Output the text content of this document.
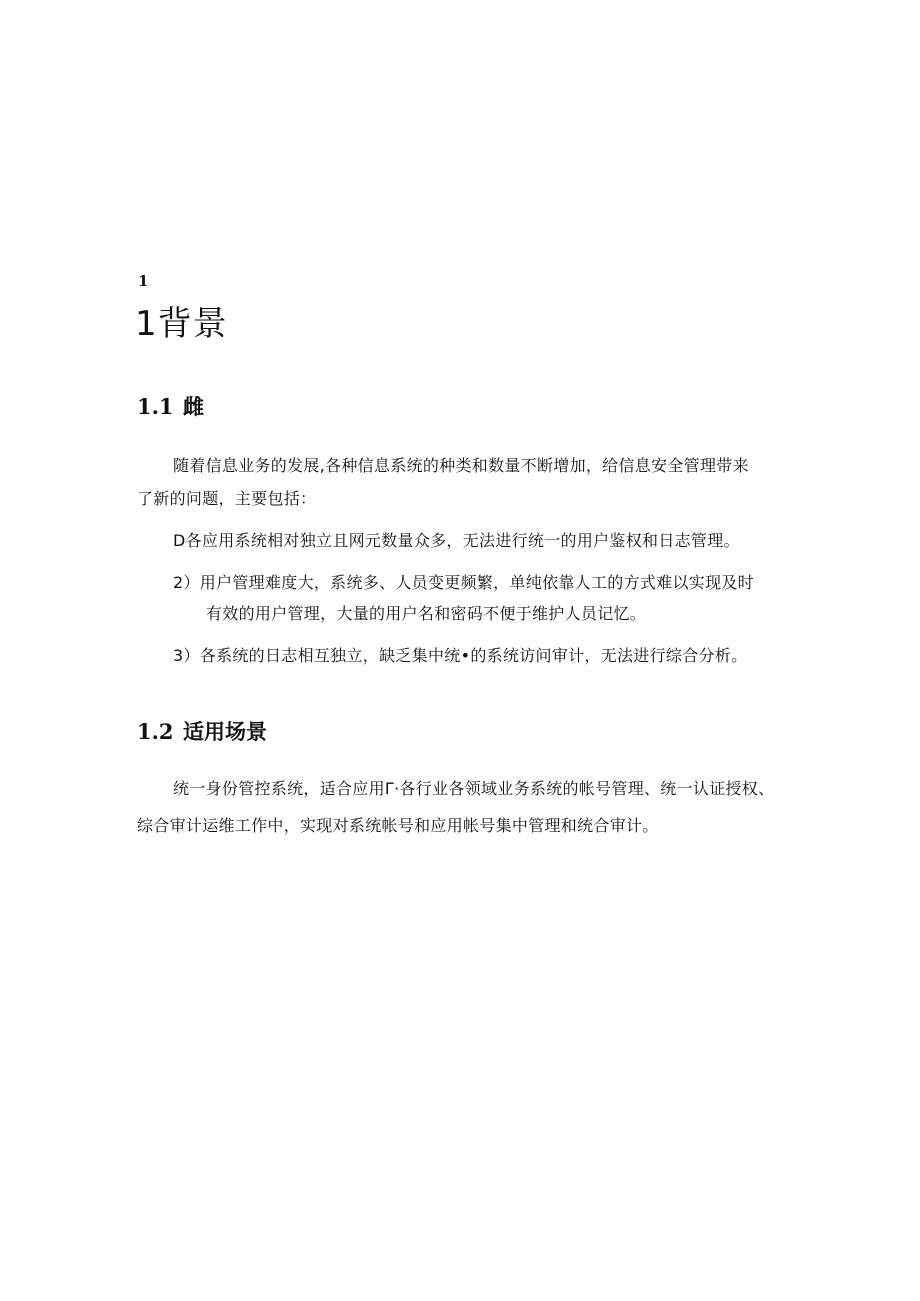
1
1背景
1.1 雌
随着信息业务的发展,各种信息系统的种类和数量不断增加，给信息安全管理带来
了新的问题，主要包括：
D各应用系统相对独立且网元数量众多，无法进行统一的用户鉴权和日志管理。
2）用户管理难度大，系统多、人员变更频繁，单纯依靠人工的方式难以实现及时
有效的用户管理，大量的用户名和密码不便于维护人员记忆。
3）各系统的日志相互独立，缺乏集中统•的系统访问审计，无法进行综合分析。
1.2 适用场景
统一身份管控系统，适合应用Γ·各行业各领域业务系统的帐号管理、统一认证授权、
综合审计运维工作中，实现对系统帐号和应用帐号集中管理和统合审计。
